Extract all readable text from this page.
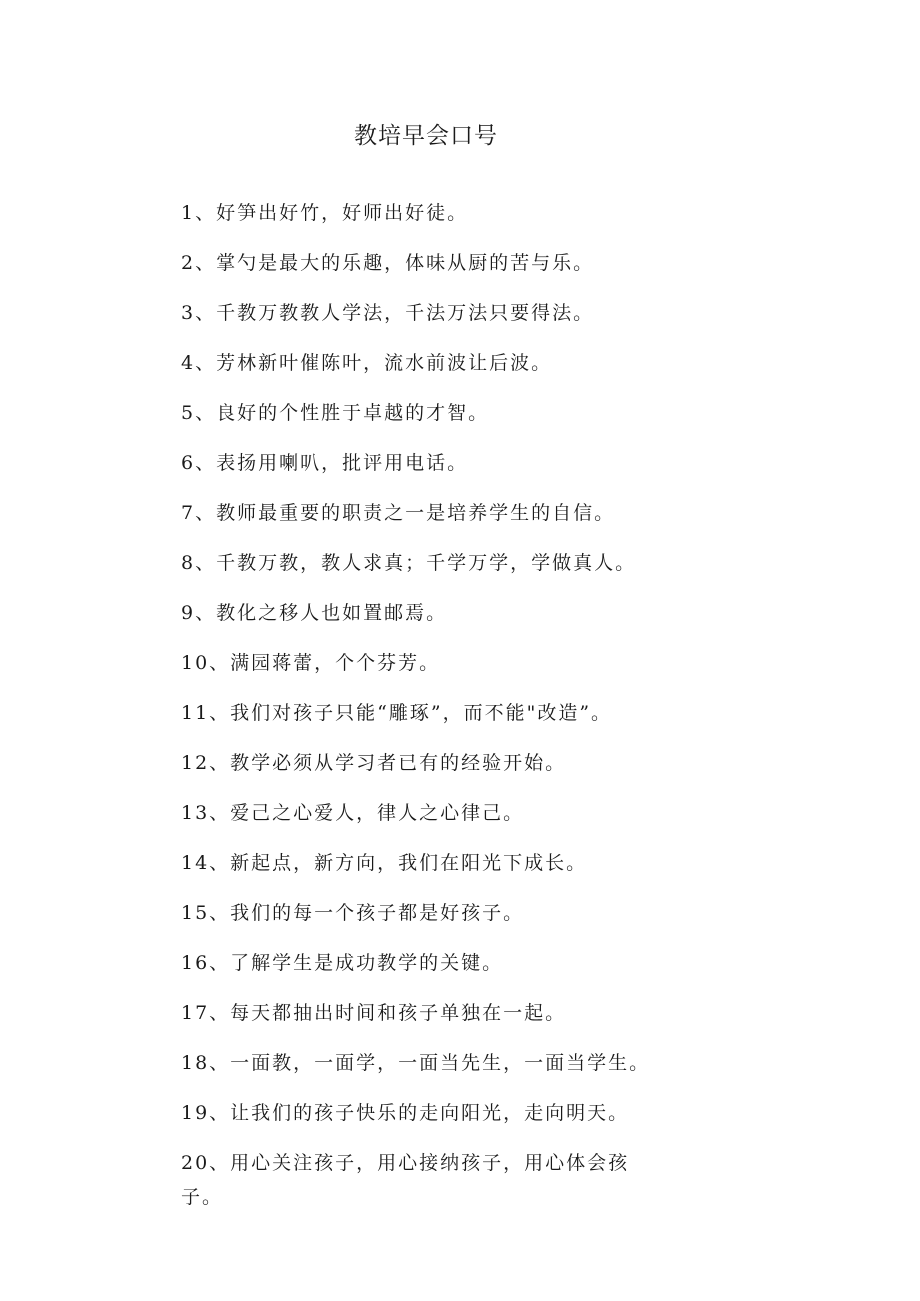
教培早会口号
1、好笋出好竹，好师出好徒。
2、掌勺是最大的乐趣，体味从厨的苦与乐。
3、千教万教教人学法，千法万法只要得法。
4、芳林新叶催陈叶，流水前波让后波。
5、良好的个性胜于卓越的才智。
6、表扬用喇叭，批评用电话。
7、教师最重要的职责之一是培养学生的自信。
8、千教万教，教人求真；千学万学，学做真人。
9、教化之移人也如置邮焉。
10、满园蒋蕾，个个芬芳。
11、我们对孩子只能“雕琢”，而不能"改造”。
12、教学必须从学习者已有的经验开始。
13、爱己之心爱人，律人之心律己。
14、新起点，新方向，我们在阳光下成长。
15、我们的每一个孩子都是好孩子。
16、了解学生是成功教学的关键。
17、每天都抽出时间和孩子单独在一起。
18、一面教，一面学，一面当先生，一面当学生。
19、让我们的孩子快乐的走向阳光，走向明天。
20、用心关注孩子，用心接纳孩子，用心体会孩子。
